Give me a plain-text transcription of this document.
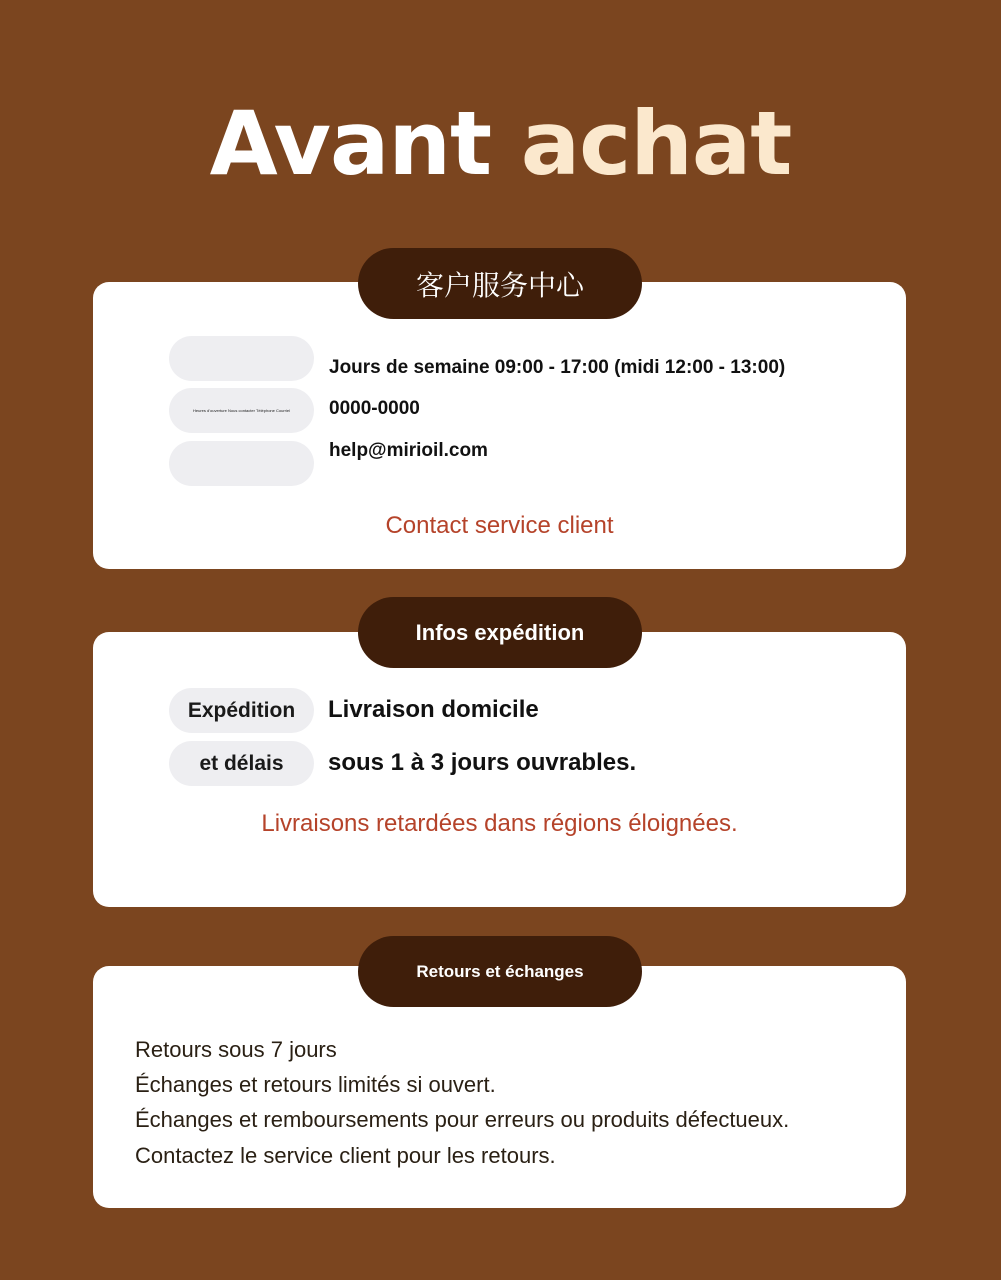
Avant achat
客户服务中心
Heures d'ouverture Nous contacter Téléphone Courriel
Jours de semaine 09:00 - 17:00 (midi 12:00 - 13:00)
0000-0000
help@mirioil.com
Contact service client
Infos expédition
Expédition
et délais
Livraison domicile
sous 1 à 3 jours ouvrables.
Livraisons retardées dans régions éloignées.
Retours et échanges
Retours sous 7 jours
Échanges et retours limités si ouvert.
Échanges et remboursements pour erreurs ou produits défectueux.
Contactez le service client pour les retours.
